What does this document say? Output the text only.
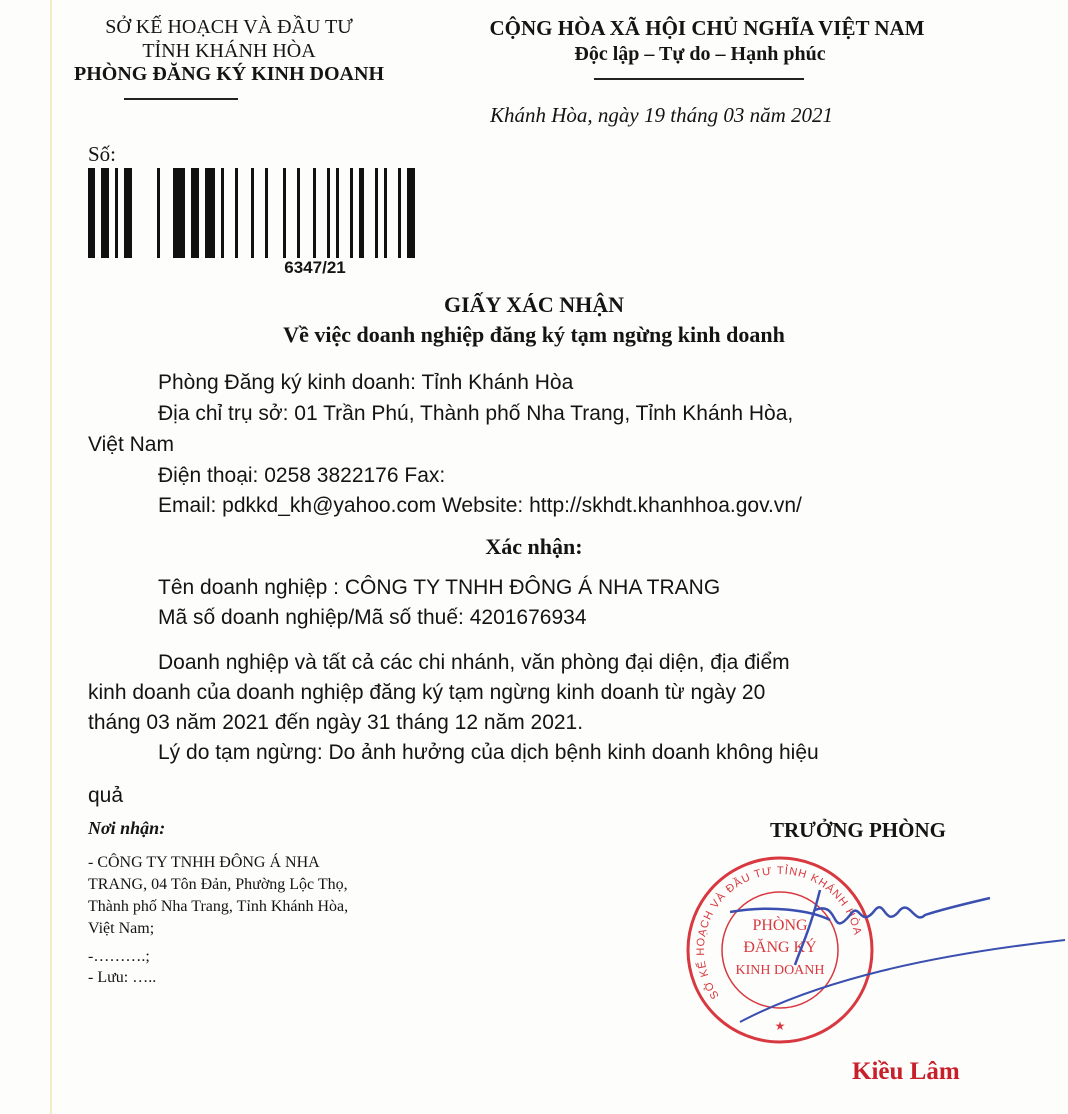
SỞ KẾ HOẠCH VÀ ĐẦU TƯ
TỈNH KHÁNH HÒA
PHÒNG ĐĂNG KÝ KINH DOANH
CỘNG HÒA XÃ HỘI CHỦ NGHĨA VIỆT NAM
Độc lập – Tự do – Hạnh phúc
Khánh Hòa, ngày 19 tháng 03 năm 2021
Số:
6347/21
GIẤY XÁC NHẬN
Về việc doanh nghiệp đăng ký tạm ngừng kinh doanh
Phòng Đăng ký kinh doanh: Tỉnh Khánh Hòa
Địa chỉ trụ sở: 01 Trần Phú, Thành phố Nha Trang, Tỉnh Khánh Hòa,
Việt Nam
Điện thoại: 0258 3822176 Fax:
Email: pdkkd_kh@yahoo.com Website: http://skhdt.khanhhoa.gov.vn/
Xác nhận:
Tên doanh nghiệp : CÔNG TY TNHH ĐÔNG Á NHA TRANG
Mã số doanh nghiệp/Mã số thuế: 4201676934
Doanh nghiệp và tất cả các chi nhánh, văn phòng đại diện, địa điểm
kinh doanh của doanh nghiệp đăng ký tạm ngừng kinh doanh từ ngày 20
tháng 03 năm 2021 đến ngày 31 tháng 12 năm 2021.
Lý do tạm ngừng: Do ảnh hưởng của dịch bệnh kinh doanh không hiệu
quả
Nơi nhận:
- CÔNG TY TNHH ĐÔNG Á NHA
TRANG, 04 Tôn Đản, Phường Lộc Thọ,
Thành phố Nha Trang, Tỉnh Khánh Hòa,
Việt Nam;
-……….;
- Lưu: …..
TRƯỞNG PHÒNG
SỞ KẾ HOẠCH VÀ ĐẦU TƯ TỈNH KHÁNH HÒA
PHÒNG
ĐĂNG KÝ
KINH DOANH
★
Kiều Lâm
